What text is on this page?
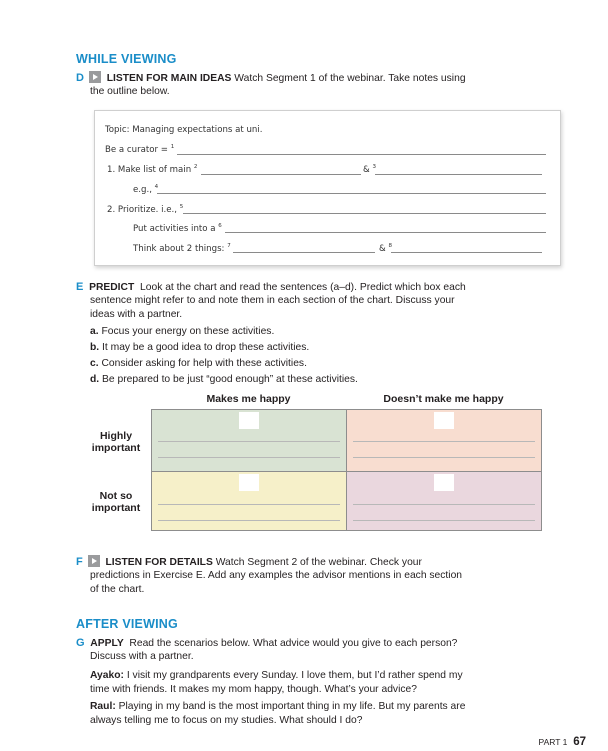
WHILE VIEWING
D LISTEN FOR MAIN IDEAS Watch Segment 1 of the webinar. Take notes using
the outline below.
Topic: Managing expectations at uni.
Be a curator = $^1$
1. Make list of main $^2$	& $^3$
e.g., $^4$
2. Prioritize. i.e., $^5$
Put activities into a $^6$
Think about 2 things: $^7$	& $^8$
E PREDICT Look at the chart and read the sentences (a–d). Predict which box each
sentence might refer to and note them in each section of the chart. Discuss your
ideas with a partner.
a. Focus your energy on these activities.
b. It may be a good idea to drop these activities.
c. Consider asking for help with these activities.
d. Be prepared to be just “good enough” at these activities.
Makes me happy	Doesn’t make me happy
Highly
important
Not so
important
F LISTEN FOR DETAILS Watch Segment 2 of the webinar. Check your
predictions in Exercise E. Add any examples the advisor mentions in each section
of the chart.
AFTER VIEWING
G APPLY Read the scenarios below. What advice would you give to each person?
Discuss with a partner.
Ayako: I visit my grandparents every Sunday. I love them, but I’d rather spend my
time with friends. It makes my mom happy, though. What’s your advice?
Raul: Playing in my band is the most important thing in my life. But my parents are
always telling me to focus on my studies. What should I do?
PART 1 67
